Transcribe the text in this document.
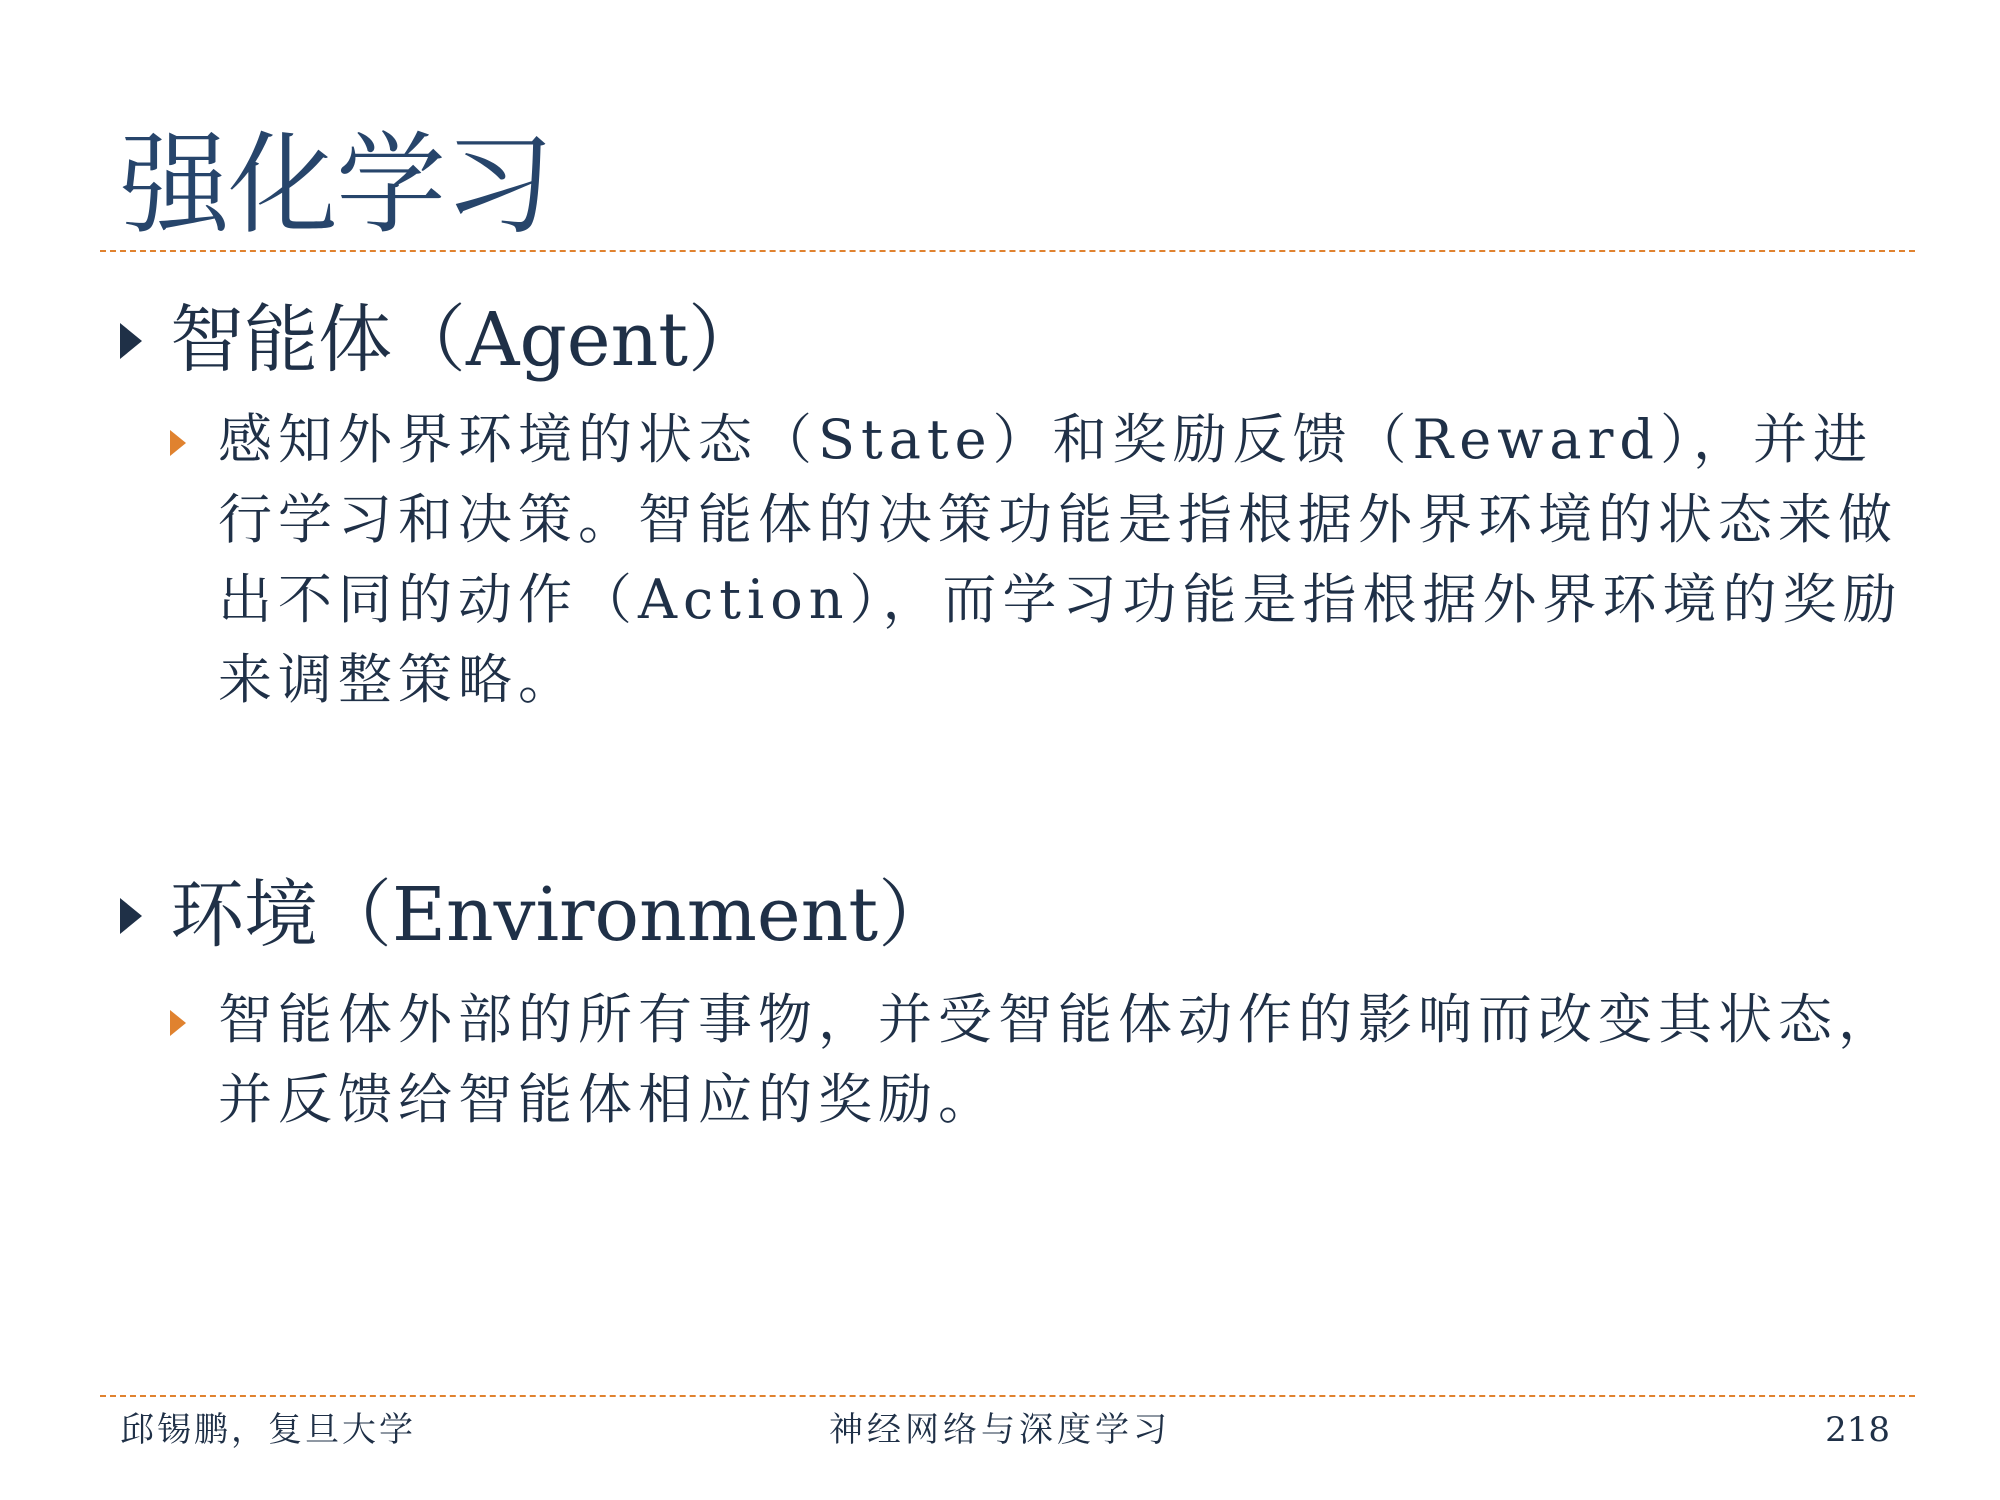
强化学习
智能体（Agent）
感知外界环境的状态（State）和奖励反馈（Reward），并进行学习和决策。智能体的决策功能是指根据外界环境的状态来做出不同的动作（Action），而学习功能是指根据外界环境的奖励来调整策略。
环境（Environment）
智能体外部的所有事物，并受智能体动作的影响而改变其状态，并反馈给智能体相应的奖励。
邱锡鹏，复旦大学	神经网络与深度学习	218
